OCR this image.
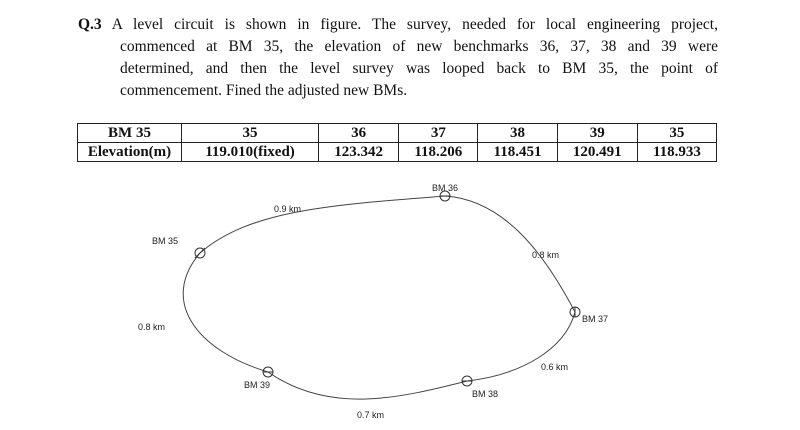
Q.3 A level circuit is shown in figure. The survey, needed for local engineering project,
commenced at BM 35, the elevation of new benchmarks 36, 37, 38 and 39 were
determined, and then the level survey was looped back to BM 35, the point of
commencement. Fined the adjusted new BMs.
BM 35	35	36	37	38	39	35
Elevation(m)	119.010(fixed)	123.342	118.206	118.451	120.491	118.933
BM 35
BM 36
BM 37
BM 38
BM 39
0.9 km
0.8 km
0.6 km
0.7 km
0.8 km
